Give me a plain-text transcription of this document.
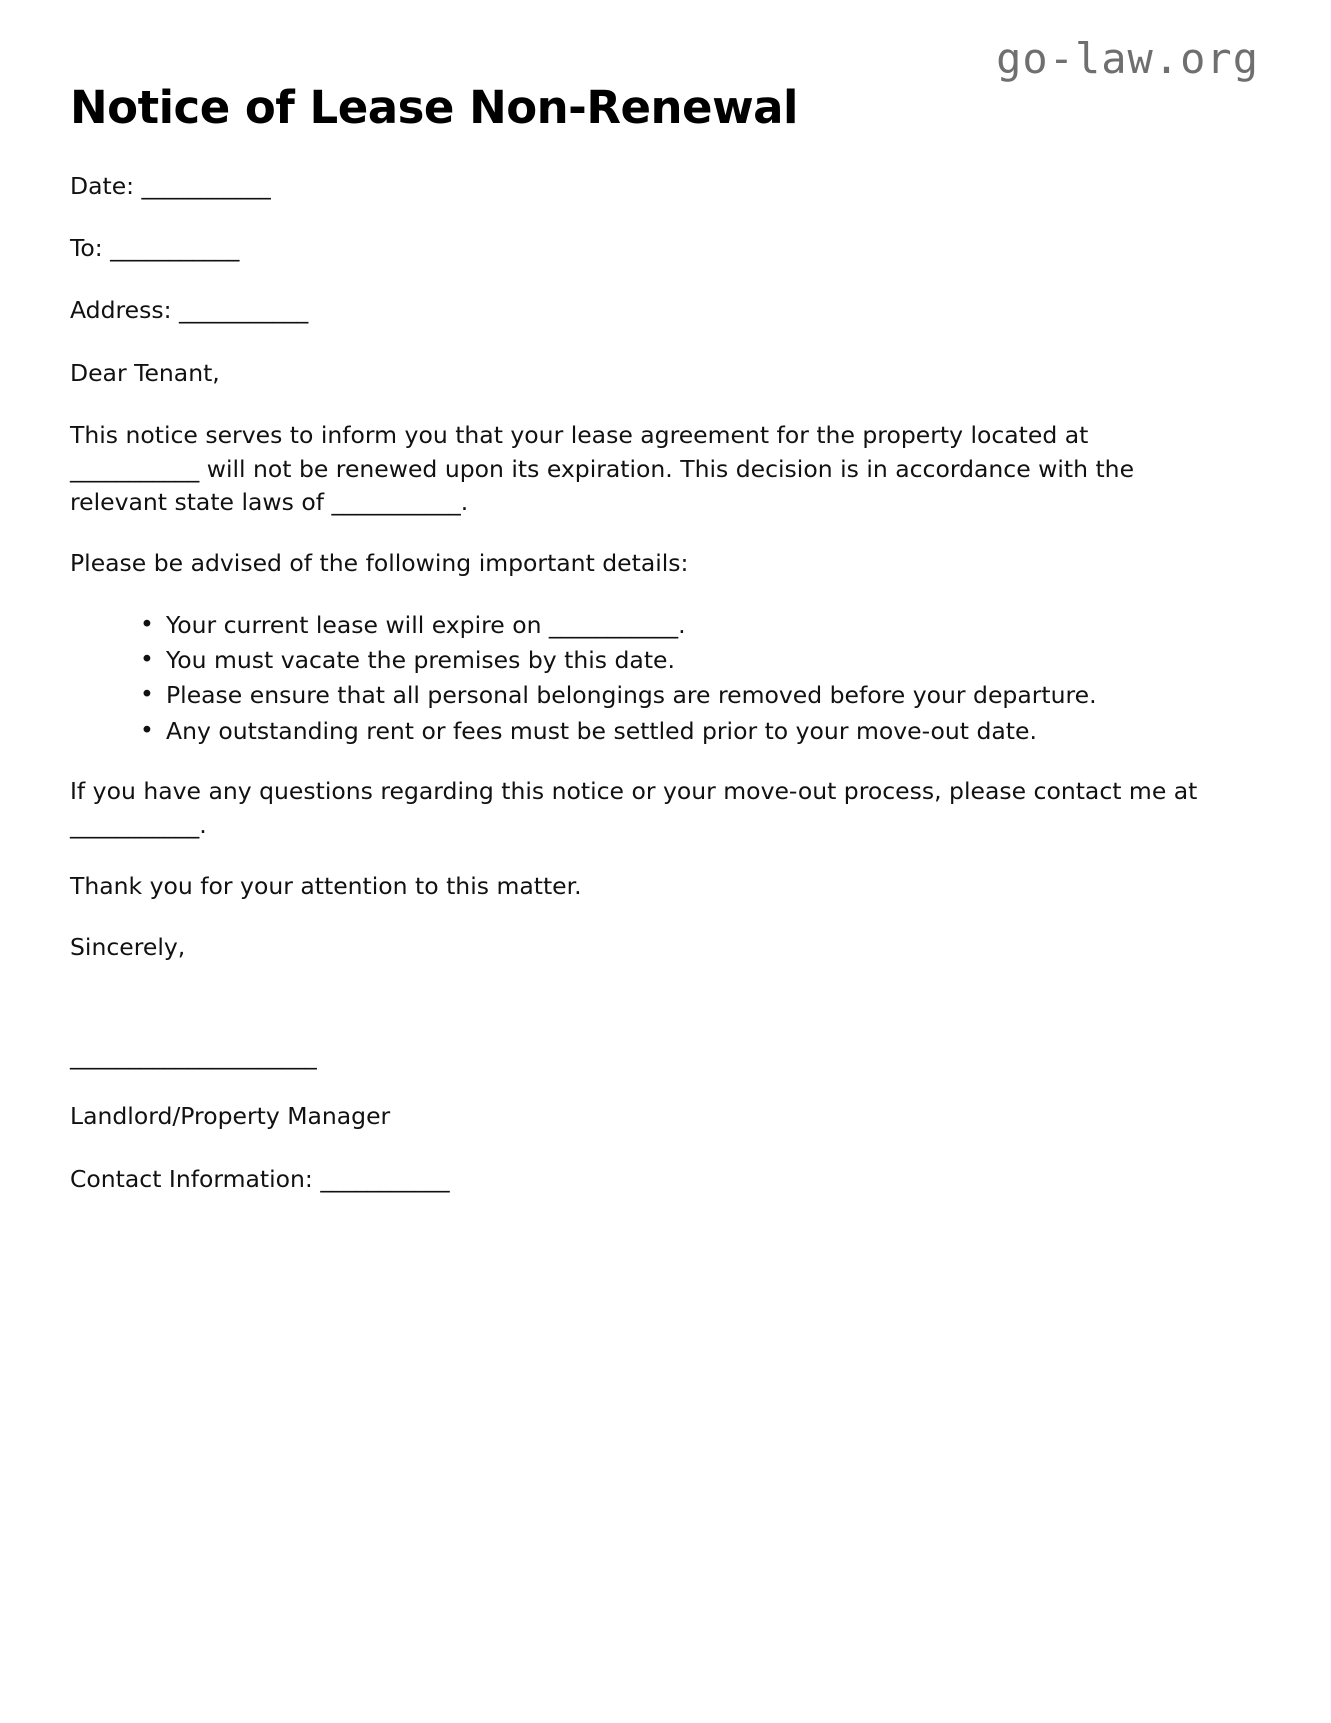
go-law.org
Notice of Lease Non-Renewal

Date: ___________

To: ___________

Address: ___________

Dear Tenant,

This notice serves to inform you that your lease agreement for the property located at ___________ will not be renewed upon its expiration. This decision is in accordance with the relevant state laws of ___________.

Please be advised of the following important details:

• Your current lease will expire on ___________.
• You must vacate the premises by this date.
• Please ensure that all personal belongings are removed before your departure.
• Any outstanding rent or fees must be settled prior to your move-out date.

If you have any questions regarding this notice or your move-out process, please contact me at ___________.

Thank you for your attention to this matter.

Sincerely,

_____________________

Landlord/Property Manager

Contact Information: ___________
